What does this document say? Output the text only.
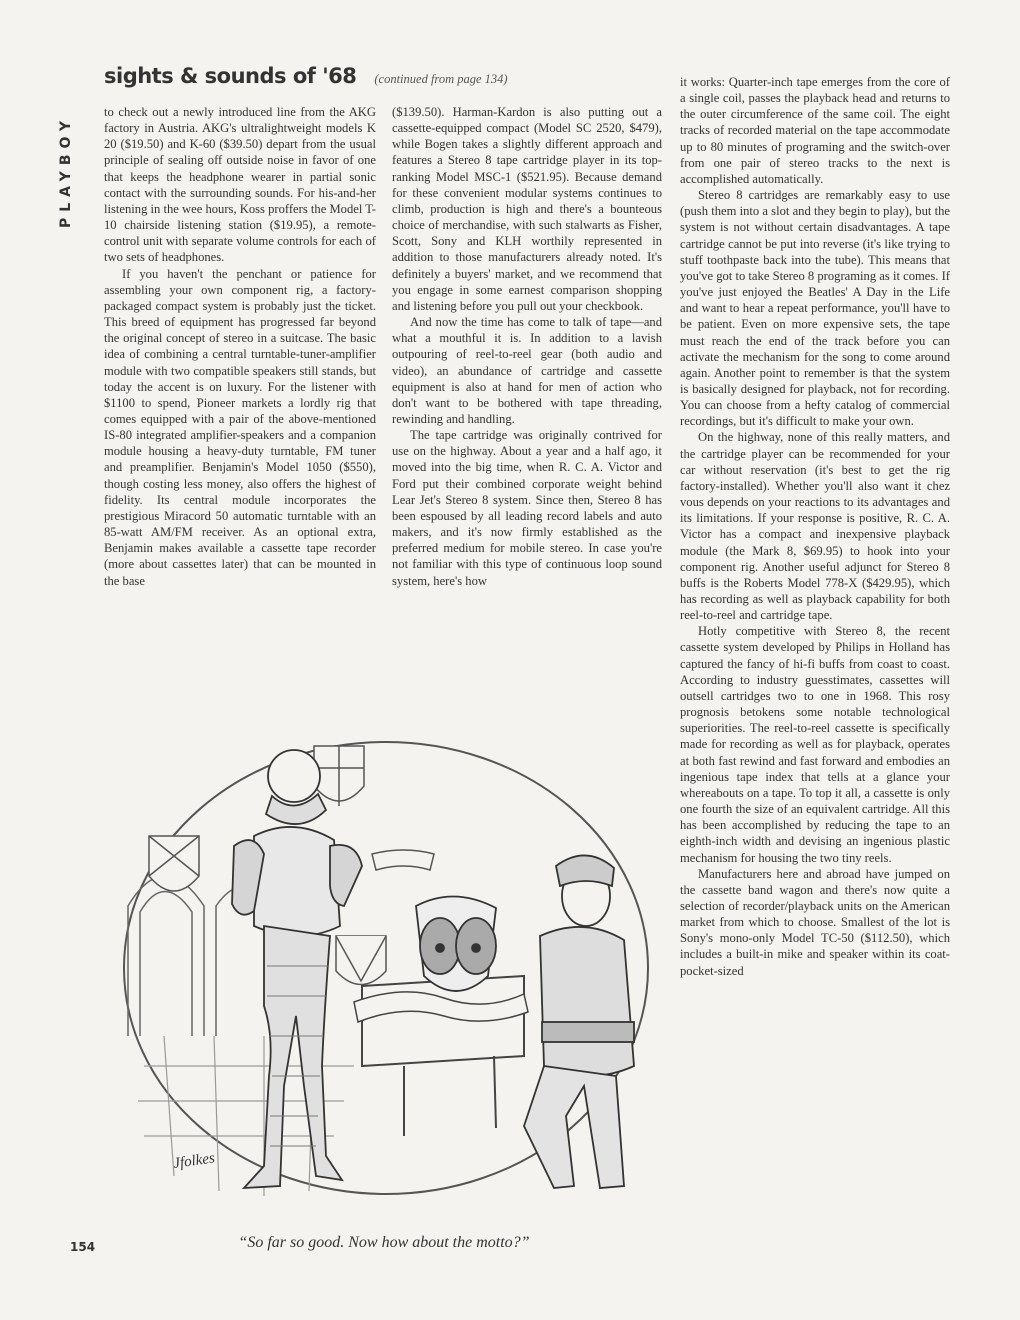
PLAYBOY
sights & sounds of '68 (continued from page 134)

to check out a newly introduced line from the AKG factory in Austria. AKG's ultralightweight models K 20 ($19.50) and K-60 ($39.50) depart from the usual principle of sealing off outside noise in favor of one that keeps the headphone wearer in partial sonic contact with the surrounding sounds. For his-and-her listening in the wee hours, Koss proffers the Model T-10 chairside listening station ($19.95), a remote-control unit with separate volume controls for each of two sets of headphones.

If you haven't the penchant or patience for assembling your own component rig, a factory-packaged compact system is probably just the ticket. This breed of equipment has progressed far beyond the original concept of stereo in a suitcase. The basic idea of combining a central turntable-tuner-amplifier module with two compatible speakers still stands, but today the accent is on luxury. For the listener with $1100 to spend, Pioneer markets a lordly rig that comes equipped with a pair of the above-mentioned IS-80 integrated amplifier-speakers and a companion module housing a heavy-duty turntable, FM tuner and preamplifier. Benjamin's Model 1050 ($550), though costing less money, also offers the highest of fidelity. Its central module incorporates the prestigious Miracord 50 automatic turntable with an 85-watt AM/FM receiver. As an optional extra, Benjamin makes available a cassette tape recorder (more about cassettes later) that can be mounted in the base

($139.50). Harman-Kardon is also putting out a cassette-equipped compact (Model SC 2520, $479), while Bogen takes a slightly different approach and features a Stereo 8 tape cartridge player in its top-ranking Model MSC-1 ($521.95). Because demand for these convenient modular systems continues to climb, production is high and there's a bounteous choice of merchandise, with such stalwarts as Fisher, Scott, Sony and KLH worthily represented in addition to those manufacturers already noted. It's definitely a buyers' market, and we recommend that you engage in some earnest comparison shopping and listening before you pull out your checkbook.

And now the time has come to talk of tape—and what a mouthful it is. In addition to a lavish outpouring of reel-to-reel gear (both audio and video), an abundance of cartridge and cassette equipment is also at hand for men of action who don't want to be bothered with tape threading, rewinding and handling.

The tape cartridge was originally contrived for use on the highway. About a year and a half ago, it moved into the big time, when R. C. A. Victor and Ford put their combined corporate weight behind Lear Jet's Stereo 8 system. Since then, Stereo 8 has been espoused by all leading record labels and auto makers, and it's now firmly established as the preferred medium for mobile stereo. In case you're not familiar with this type of continuous loop sound system, here's how

it works: Quarter-inch tape emerges from the core of a single coil, passes the playback head and returns to the outer circumference of the same coil. The eight tracks of recorded material on the tape accommodate up to 80 minutes of programing and the switch-over from one pair of stereo tracks to the next is accomplished automatically.

Stereo 8 cartridges are remarkably easy to use (push them into a slot and they begin to play), but the system is not without certain disadvantages. A tape cartridge cannot be put into reverse (it's like trying to stuff toothpaste back into the tube). This means that you've got to take Stereo 8 programing as it comes. If you've just enjoyed the Beatles' A Day in the Life and want to hear a repeat performance, you'll have to be patient. Even on more expensive sets, the tape must reach the end of the track before you can activate the mechanism for the song to come around again. Another point to remember is that the system is basically designed for playback, not for recording. You can choose from a hefty catalog of commercial recordings, but it's difficult to make your own.

On the highway, none of this really matters, and the cartridge player can be recommended for your car without reservation (it's best to get the rig factory-installed). Whether you'll also want it chez vous depends on your reactions to its advantages and its limitations. If your response is positive, R. C. A. Victor has a compact and inexpensive playback module (the Mark 8, $69.95) to hook into your component rig. Another useful adjunct for Stereo 8 buffs is the Roberts Model 778-X ($429.95), which has recording as well as playback capability for both reel-to-reel and cartridge tape.

Hotly competitive with Stereo 8, the recent cassette system developed by Philips in Holland has captured the fancy of hi-fi buffs from coast to coast. According to industry guesstimates, cassettes will outsell cartridges two to one in 1968. This rosy prognosis betokens some notable technological superiorities. The reel-to-reel cassette is specifically made for recording as well as for playback, operates at both fast rewind and fast forward and embodies an ingenious tape index that tells at a glance your whereabouts on a tape. To top it all, a cassette is only one fourth the size of an equivalent cartridge. All this has been accomplished by reducing the tape to an eighth-inch width and devising an ingenious plastic mechanism for housing the two tiny reels.

Manufacturers here and abroad have jumped on the cassette band wagon and there's now quite a selection of recorder/playback units on the American market from which to choose. Smallest of the lot is Sony's mono-only Model TC-50 ($112.50), which includes a built-in mike and speaker within its coat-pocket-sized

Jfolkes
“So far so good. Now how about the motto?”
154
